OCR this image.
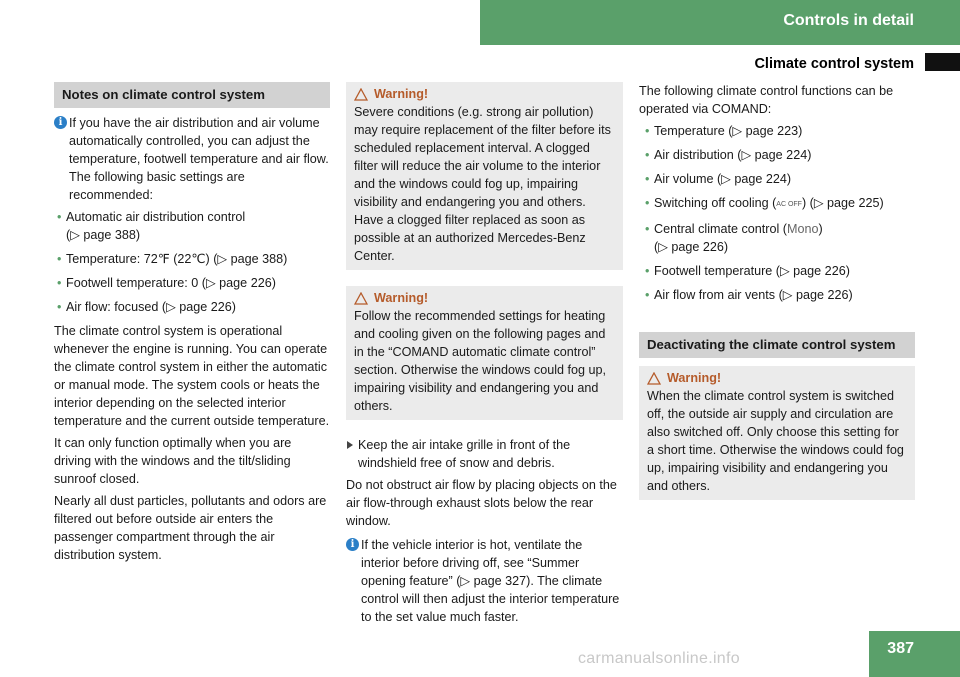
Controls in detail
Climate control system
Notes on climate control system
i If you have the air distribution and air volume automatically controlled, you can adjust the temperature, footwell temperature and air flow. The following basic settings are recommended:
• Automatic air distribution control
(▷ page 388)
• Temperature: 72℉ (22℃) (▷ page 388)
• Footwell temperature: 0 (▷ page 226)
• Air flow: focused (▷ page 226)

The climate control system is operational whenever the engine is running. You can operate the climate control system in either the automatic or manual mode. The system cools or heats the interior depending on the selected interior temperature and the current outside temperature.

It can only function optimally when you are driving with the windows and the tilt/sliding sunroof closed.

Nearly all dust particles, pollutants and odors are filtered out before outside air enters the passenger compartment through the air distribution system.

Warning!
Severe conditions (e.g. strong air pollution) may require replacement of the filter before its scheduled replacement interval. A clogged filter will reduce the air volume to the interior and the windows could fog up, impairing visibility and endangering you and others. Have a clogged filter replaced as soon as possible at an authorized Mercedes-Benz Center.
Warning!
Follow the recommended settings for heating and cooling given on the following pages and in the “COMAND automatic climate control” section. Otherwise the windows could fog up, impairing visibility and endangering you and others.
Keep the air intake grille in front of the windshield free of snow and debris.

Do not obstruct air flow by placing objects on the air flow-through exhaust slots below the rear window.

i If the vehicle interior is hot, ventilate the interior before driving off, see “Summer opening feature” (▷ page 327). The climate control will then adjust the interior temperature to the set value much faster.

The following climate control functions can be operated via COMAND:

• Temperature (▷ page 223)
• Air distribution (▷ page 224)
• Air volume (▷ page 224)
• Switching off cooling (AC OFF) (▷ page 225)
• Central climate control (Mono)
(▷ page 226)
• Footwell temperature (▷ page 226)
• Air flow from air vents (▷ page 226)
Deactivating the climate control system
Warning!
When the climate control system is switched off, the outside air supply and circulation are also switched off. Only choose this setting for a short time. Otherwise the windows could fog up, impairing visibility and endangering you and others.
387
carmanualsonline.info
